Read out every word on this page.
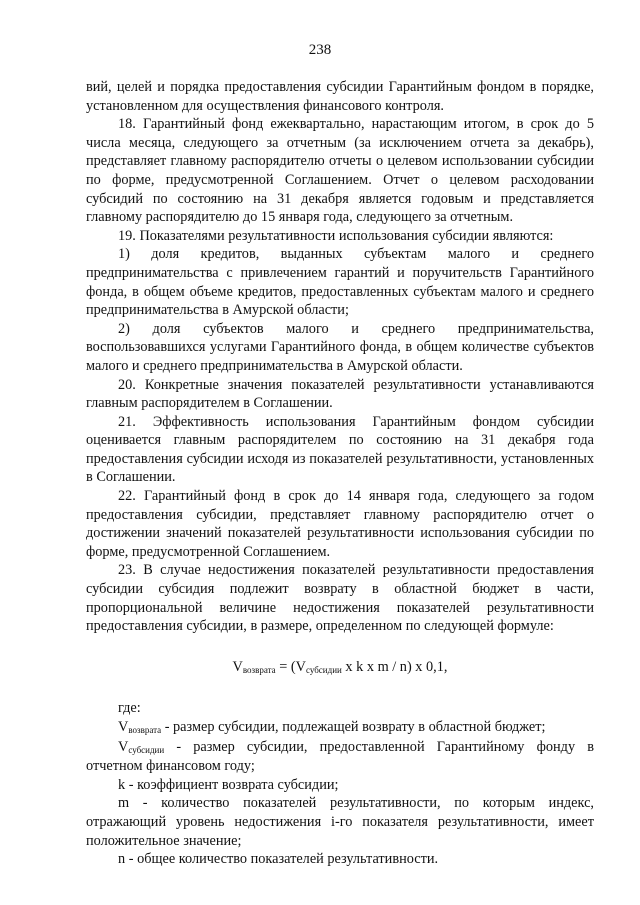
238

вий, целей и порядка предоставления субсидии Гарантийным фондом в порядке, установленном для осуществления финансового контроля.

18. Гарантийный фонд ежеквартально, нарастающим итогом, в срок до 5 числа месяца, следующего за отчетным (за исключением отчета за декабрь), представляет главному распорядителю отчеты о целевом использовании субсидии по форме, предусмотренной Соглашением. Отчет о целевом расходовании субсидий по состоянию на 31 декабря является годовым и представляется главному распорядителю до 15 января года, следующего за отчетным.

19. Показателями результативности использования субсидии являются:

1) доля кредитов, выданных субъектам малого и среднего предпринимательства с привлечением гарантий и поручительств Гарантийного фонда, в общем объеме кредитов, предоставленных субъектам малого и среднего предпринимательства в Амурской области;

2) доля субъектов малого и среднего предпринимательства, воспользовавшихся услугами Гарантийного фонда, в общем количестве субъектов малого и среднего предпринимательства в Амурской области.

20. Конкретные значения показателей результативности устанавливаются главным распорядителем в Соглашении.

21. Эффективность использования Гарантийным фондом субсидии оценивается главным распорядителем по состоянию на 31 декабря года предоставления субсидии исходя из показателей результативности, установленных в Соглашении.

22. Гарантийный фонд в срок до 14 января года, следующего за годом предоставления субсидии, представляет главному распорядителю отчет о достижении значений показателей результативности использования субсидии по форме, предусмотренной Соглашением.

23. В случае недостижения показателей результативности предоставления субсидии субсидия подлежит возврату в областной бюджет в части, пропорциональной величине недостижения показателей результативности предоставления субсидии, в размере, определенном по следующей формуле:

Vвозврата = (Vсубсидии x k x m / n) x 0,1,

где:

Vвозврата - размер субсидии, подлежащей возврату в областной бюджет;

Vсубсидии - размер субсидии, предоставленной Гарантийному фонду в отчетном финансовом году;

k - коэффициент возврата субсидии;

m - количество показателей результативности, по которым индекс, отражающий уровень недостижения i-го показателя результативности, имеет положительное значение;

n - общее количество показателей результативности.
